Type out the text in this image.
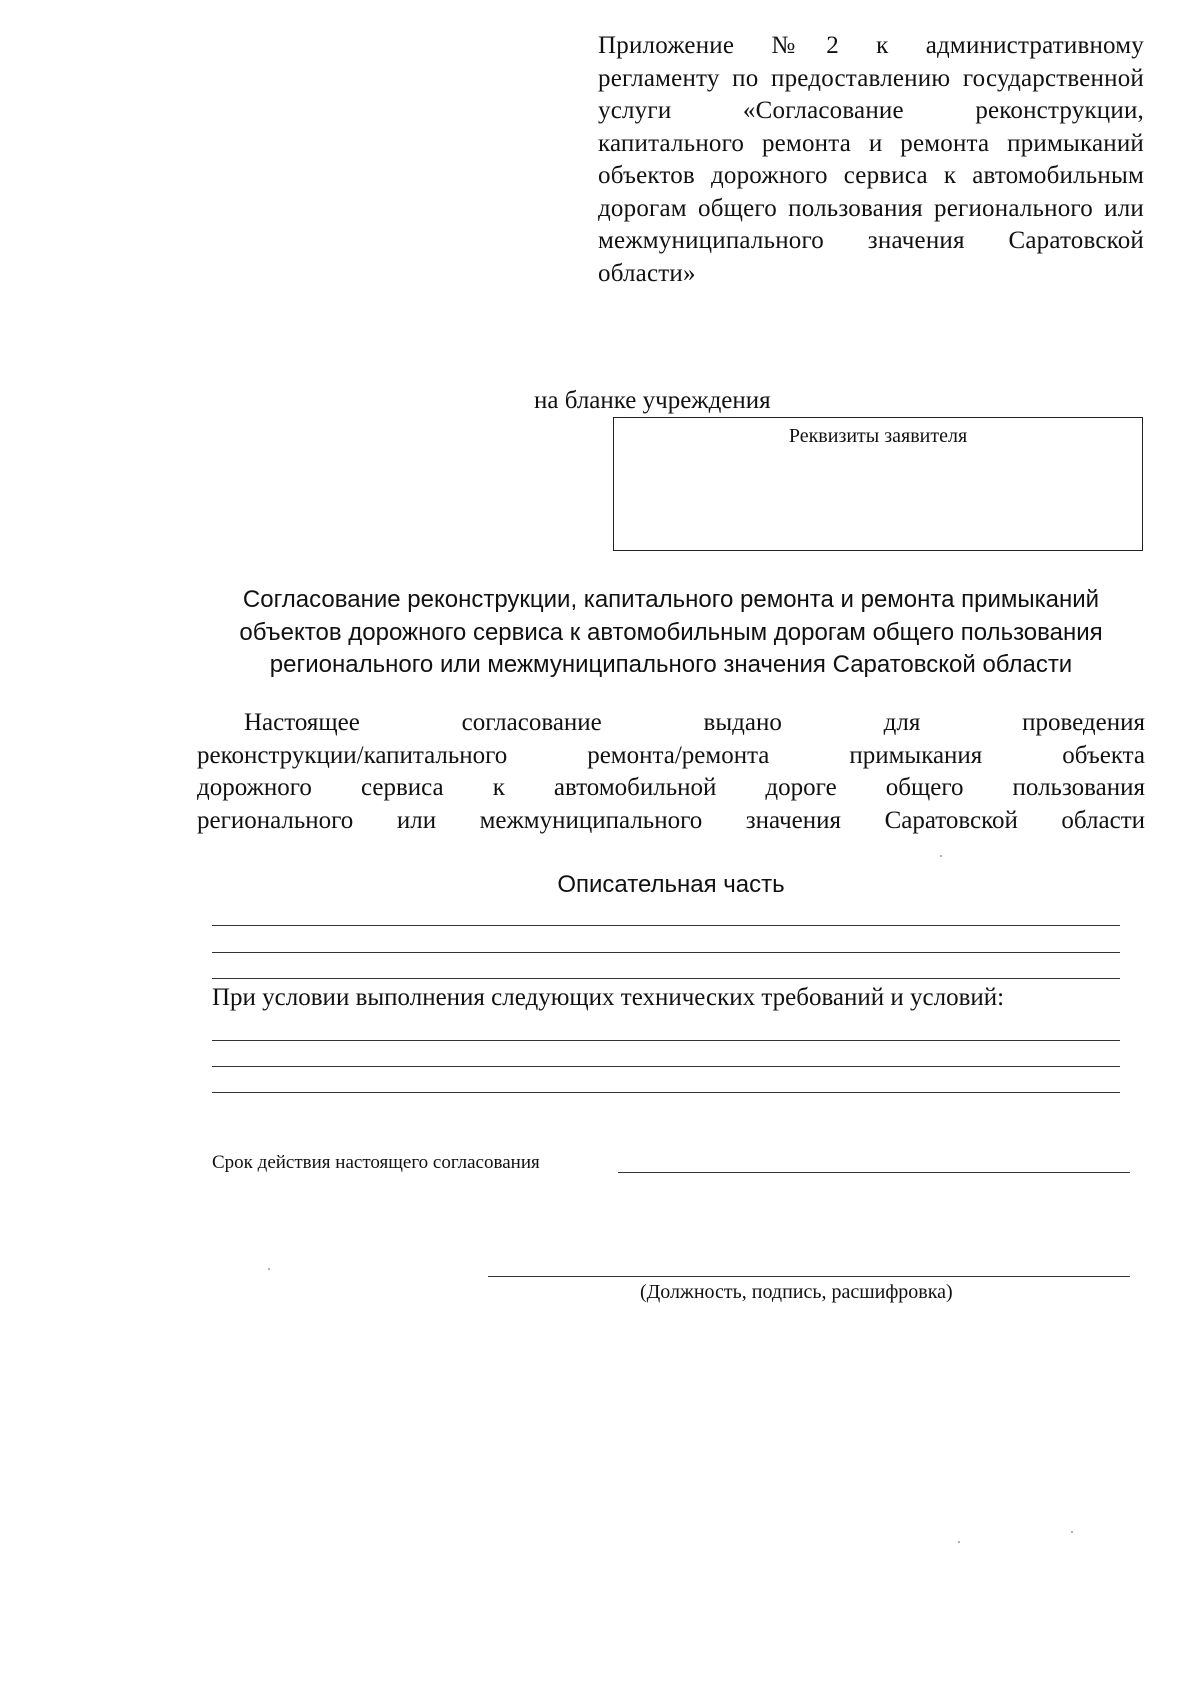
Приложение №2 к административному регламенту по предоставлению государственной услуги «Согласование реконструкции, капитального ремонта и ремонта примыканий объектов дорожного сервиса к автомобильным дорогам общего пользования регионального или межмуниципального значения Саратовской области»
на бланке учреждения
Реквизиты заявителя
Согласование реконструкции, капитального ремонта и ремонта примыканий
объектов дорожного сервиса к автомобильным дорогам общего пользования
регионального или межмуниципального значения Саратовской области
Настоящее согласование выдано для проведения
реконструкции/капитального ремонта/ремонта примыкания объекта
дорожного сервиса к автомобильной дороге общего пользования
регионального или межмуниципального значения Саратовской области
Описательная часть
При условии выполнения следующих технических требований и условий:
Срок действия настоящего согласования
(Должность, подпись, расшифровка)
